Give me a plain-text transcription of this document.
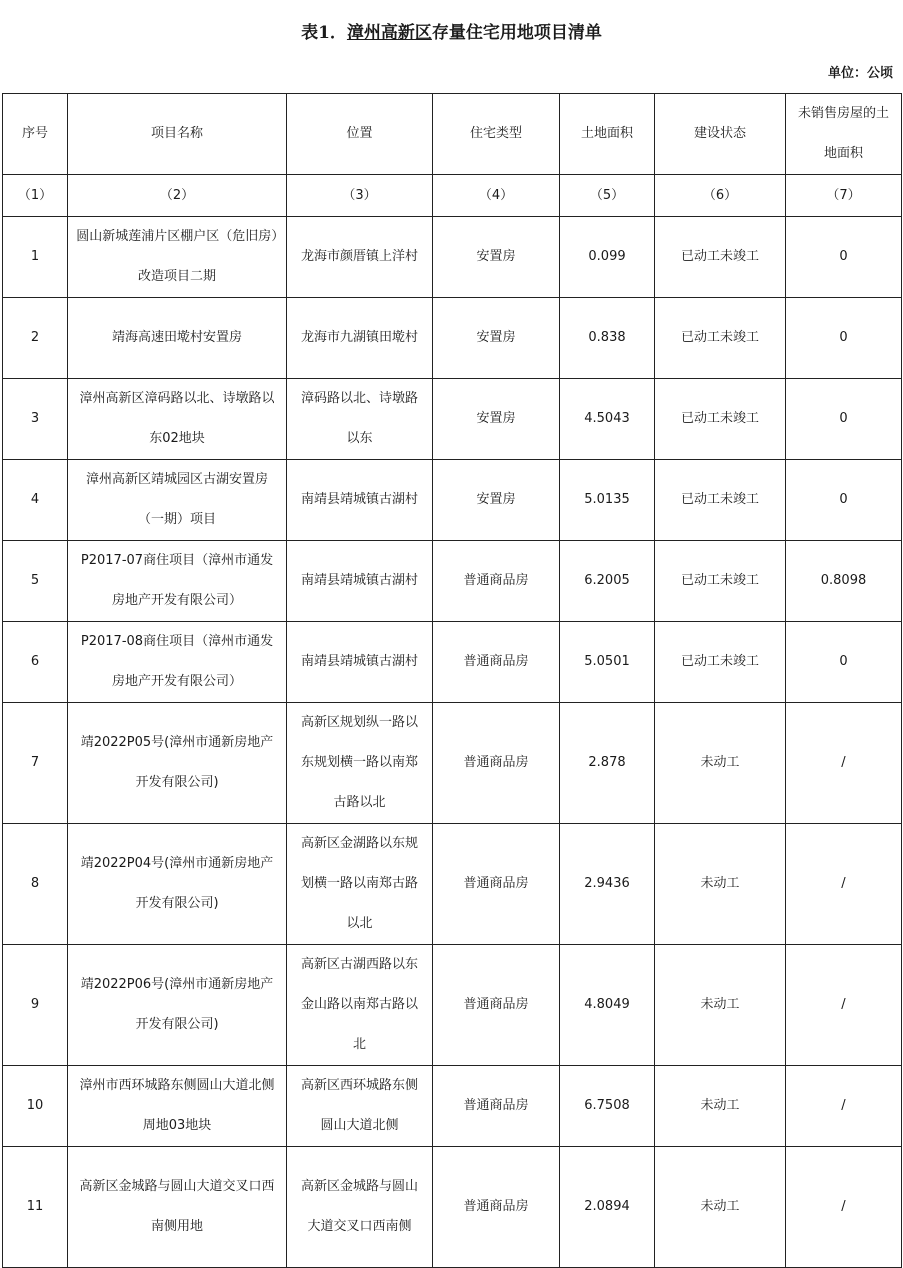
表1．漳州高新区存量住宅用地项目清单
单位：公顷
序号	项目名称	位置	住宅类型	土地面积	建设状态	未销售房屋的土地面积
（1）	（2）	（3）	（4）	（5）	（6）	（7）
1	圆山新城莲浦片区棚户区（危旧房）改造项目二期	龙海市颜厝镇上洋村	安置房	0.099	已动工未竣工	0
2	靖海高速田墘村安置房	龙海市九湖镇田墘村	安置房	0.838	已动工未竣工	0
3	漳州高新区漳码路以北、诗墩路以东02地块	漳码路以北、诗墩路以东	安置房	4.5043	已动工未竣工	0
4	漳州高新区靖城园区古湖安置房（一期）项目	南靖县靖城镇古湖村	安置房	5.0135	已动工未竣工	0
5	P2017-07商住项目（漳州市通发房地产开发有限公司）	南靖县靖城镇古湖村	普通商品房	6.2005	已动工未竣工	0.8098
6	P2017-08商住项目（漳州市通发房地产开发有限公司）	南靖县靖城镇古湖村	普通商品房	5.0501	已动工未竣工	0
7	靖2022P05号(漳州市通新房地产开发有限公司)	高新区规划纵一路以东规划横一路以南郑古路以北	普通商品房	2.878	未动工	/
8	靖2022P04号(漳州市通新房地产开发有限公司)	高新区金湖路以东规划横一路以南郑古路以北	普通商品房	2.9436	未动工	/
9	靖2022P06号(漳州市通新房地产开发有限公司)	高新区古湖西路以东金山路以南郑古路以北	普通商品房	4.8049	未动工	/
10	漳州市西环城路东侧圆山大道北侧周地03地块	高新区西环城路东侧圆山大道北侧	普通商品房	6.7508	未动工	/
11	高新区金城路与圆山大道交叉口西南侧用地	高新区金城路与圆山大道交叉口西南侧	普通商品房	2.0894	未动工	/
